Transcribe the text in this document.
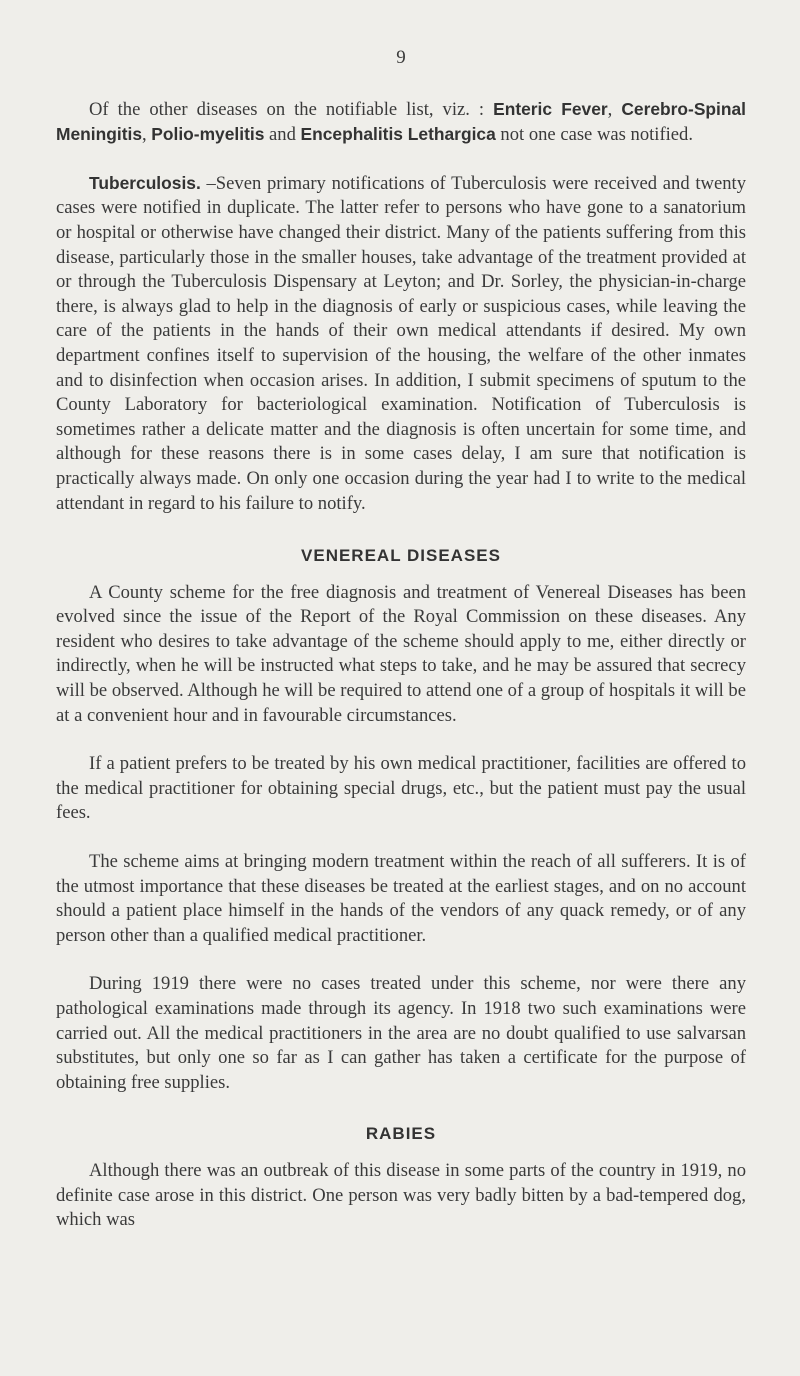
9

Of the other diseases on the notifiable list, viz. : Enteric Fever, Cerebro-Spinal Meningitis, Polio-myelitis and Encephalitis Lethargica not one case was notified.

Tuberculosis. –Seven primary notifications of Tuberculosis were received and twenty cases were notified in duplicate. The latter refer to persons who have gone to a sanatorium or hospital or otherwise have changed their district. Many of the patients suffering from this disease, particularly those in the smaller houses, take advantage of the treatment provided at or through the Tuberculosis Dispensary at Leyton; and Dr. Sorley, the physician-in-charge there, is always glad to help in the diagnosis of early or suspicious cases, while leaving the care of the patients in the hands of their own medical attendants if desired. My own department confines itself to supervision of the housing, the welfare of the other inmates and to disinfection when occasion arises. In addition, I submit specimens of sputum to the County Laboratory for bacteriological examination. Notification of Tuberculosis is sometimes rather a delicate matter and the diagnosis is often uncertain for some time, and although for these reasons there is in some cases delay, I am sure that notification is practically always made. On only one occasion during the year had I to write to the medical attendant in regard to his failure to notify.

VENEREAL DISEASES

A County scheme for the free diagnosis and treatment of Venereal Diseases has been evolved since the issue of the Report of the Royal Commission on these diseases. Any resident who desires to take advantage of the scheme should apply to me, either directly or indirectly, when he will be instructed what steps to take, and he may be assured that secrecy will be observed. Although he will be required to attend one of a group of hospitals it will be at a convenient hour and in favourable circumstances.

If a patient prefers to be treated by his own medical practitioner, facilities are offered to the medical practitioner for obtaining special drugs, etc., but the patient must pay the usual fees.

The scheme aims at bringing modern treatment within the reach of all sufferers. It is of the utmost importance that these diseases be treated at the earliest stages, and on no account should a patient place himself in the hands of the vendors of any quack remedy, or of any person other than a qualified medical practitioner.

During 1919 there were no cases treated under this scheme, nor were there any pathological examinations made through its agency. In 1918 two such examinations were carried out. All the medical practitioners in the area are no doubt qualified to use salvarsan substitutes, but only one so far as I can gather has taken a certificate for the purpose of obtaining free supplies.

RABIES

Although there was an outbreak of this disease in some parts of the country in 1919, no definite case arose in this district. One person was very badly bitten by a bad-tempered dog, which was
